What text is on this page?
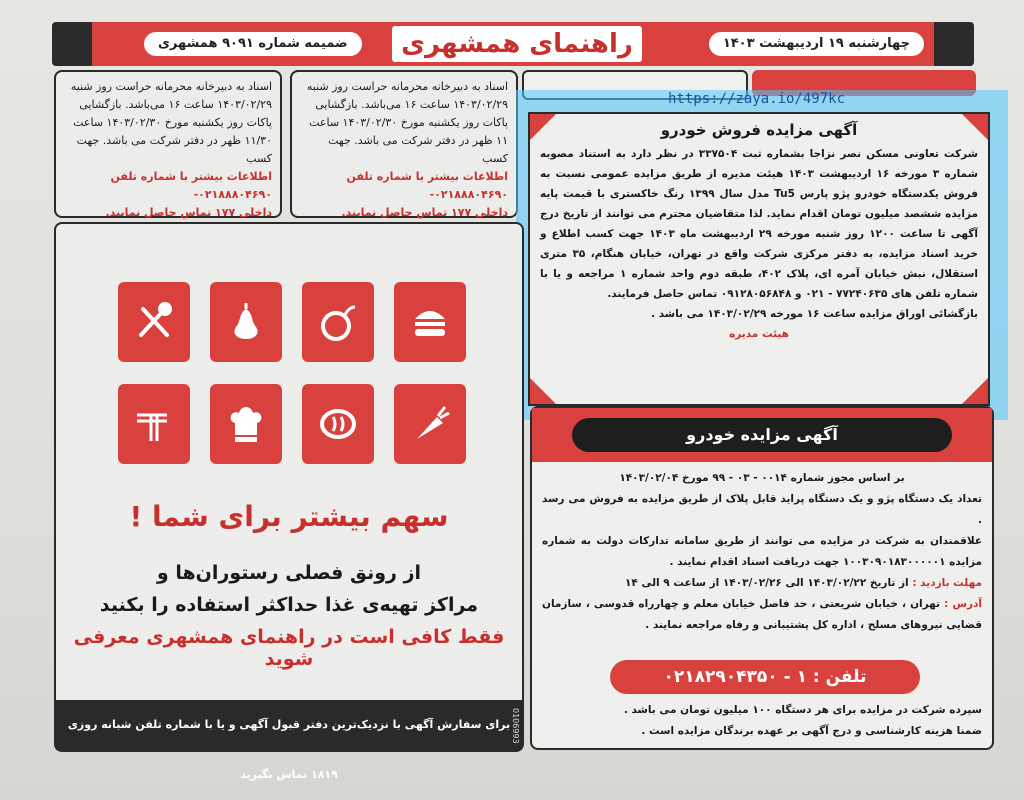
ضمیمه شماره ۹۰۹۱ همشهری	راهنمای همشهری	چهارشنبه ۱۹ اردیبهشت ۱۴۰۳
اسناد به دبیرخانه محرمانه حراست روز شنبه
۱۴۰۳/۰۲/۲۹ ساعت ۱۶ می‌باشد. بازگشایی
پاکات روز یکشنبه مورخ ۱۴۰۳/۰۲/۳۰ ساعت
۱۱/۳۰ ظهر در دفتر شرکت می باشد. جهت کسب
اطلاعات بیشتر با شماره تلفن ۰۲۱۸۸۸۰۴۶۹۰-
داخلی ۱۷۷ تماس حاصل نمایند.
اسناد به دبیرخانه محرمانه حراست روز شنبه
۱۴۰۳/۰۲/۲۹ ساعت ۱۶ می‌باشد. بازگشایی
پاکات روز یکشنبه مورخ ۱۴۰۳/۰۲/۳۰ ساعت
۱۱ ظهر در دفتر شرکت می باشد. جهت کسب
اطلاعات بیشتر با شماره تلفن ۰۲۱۸۸۸۰۴۶۹۰-
داخلی ۱۷۷ تماس حاصل نمایند.
https://zaya.io/497kc
آگهی مزایده فروش خودرو
شرکت تعاونی مسکن نصر نزاجا بشماره ثبت ۳۳۷۵۰۴ در نظر دارد به استناد مصوبه شماره ۳ مورخه ۱۶ اردیبهشت ۱۴۰۳ هیئت مدیره از طریق مزایده عمومی نسبت به فروش یکدستگاه خودرو پژو پارس Tu5 مدل سال ۱۳۹۹ رنگ خاکستری با قیمت پایه مزایده ششصد میلیون تومان اقدام نماید. لذا متقاضیان محترم می توانند از تاریخ درج آگهی تا ساعت ۱۲۰۰ روز شنبه مورخه ۲۹ اردیبهشت ماه ۱۴۰۳ جهت کسب اطلاع و خرید اسناد مزایده، به دفتر مرکزی شرکت واقع در تهران، خیابان هنگام، ۳۵ متری استقلال، نبش خیابان آمره ای، پلاک ۴۰۲، طبقه دوم واحد شماره ۱ مراجعه و یا با شماره تلفن های ۷۷۲۴۰۶۳۵ - ۰۲۱ و ۰۹۱۲۸۰۵۶۸۴۸ تماس حاصل فرمایند.
بازگشائی اوراق مزایده ساعت ۱۶ مورخه ۱۴۰۳/۰۲/۲۹ می باشد .
هیئت مدیره
آگهی مزایده خودرو
بر اساس مجوز شماره ۰۰۱۴ - ۰۳ - ۹۹ مورخ ۱۴۰۳/۰۲/۰۴
تعداد یک دستگاه پژو و یک دستگاه پراید قابل پلاک از طریق مزایده به فروش می رسد .
علاقمندان به شرکت در مزایده می توانند از طریق سامانه تدارکات دولت به شماره مزایده ۱۰۰۳۰۹۰۱۸۳۰۰۰۰۰۱ جهت دریافت اسناد اقدام نمایند .
مهلت بازدید : از تاریخ ۱۴۰۳/۰۲/۲۲ الی ۱۴۰۳/۰۲/۲۶ از ساعت ۹ الی ۱۴
آدرس : تهران ، خیابان شریعتی ، حد فاصل خیابان معلم و چهارراه قدوسی ، سازمان قضایی نیروهای مسلح ، اداره کل پشتیبانی و رفاه مراجعه نمایند .
تلفن : ۱ - ۰۲۱۸۲۹۰۴۳۵۰
سپرده شرکت در مزایده برای هر دستگاه ۱۰۰ میلیون تومان می باشد .
ضمنا هزینه کارشناسی و درج آگهی بر عهده برندگان مزایده است .
سهم بیشتر برای شما !
از رونق فصلی رستوران‌ها و
مراکز تهیه‌ی غذا حداکثر استفاده را بکنید
فقط کافی است در راهنمای همشهری معرفی شوید
برای سفارش آگهی با نزدیک‌ترین دفتر قبول آگهی و یا با شماره تلفن شبانه روزی ۱۸۱۹ تماس بگیرید
0106993
